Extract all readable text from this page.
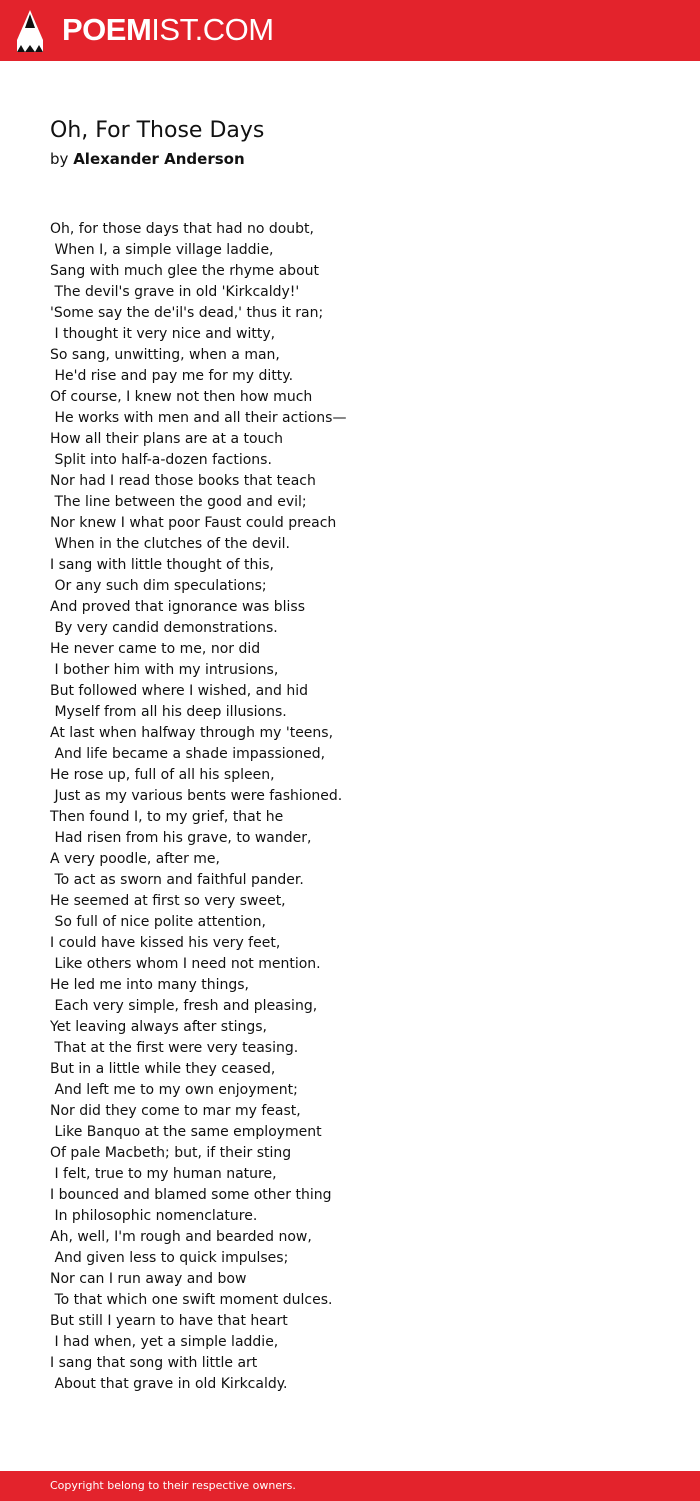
POEMIST.COM
Oh, For Those Days
by Alexander Anderson
Oh, for those days that had no doubt,
When I, a simple village laddie,
Sang with much glee the rhyme about
The devil's grave in old 'Kirkcaldy!'
'Some say the de'il's dead,' thus it ran;
I thought it very nice and witty,
So sang, unwitting, when a man,
He'd rise and pay me for my ditty.
Of course, I knew not then how much
He works with men and all their actions—
How all their plans are at a touch
Split into half-a-dozen factions.
Nor had I read those books that teach
The line between the good and evil;
Nor knew I what poor Faust could preach
When in the clutches of the devil.
I sang with little thought of this,
Or any such dim speculations;
And proved that ignorance was bliss
By very candid demonstrations.
He never came to me, nor did
I bother him with my intrusions,
But followed where I wished, and hid
Myself from all his deep illusions.
At last when halfway through my 'teens,
And life became a shade impassioned,
He rose up, full of all his spleen,
Just as my various bents were fashioned.
Then found I, to my grief, that he
Had risen from his grave, to wander,
A very poodle, after me,
To act as sworn and faithful pander.
He seemed at first so very sweet,
So full of nice polite attention,
I could have kissed his very feet,
Like others whom I need not mention.
He led me into many things,
Each very simple, fresh and pleasing,
Yet leaving always after stings,
That at the first were very teasing.
But in a little while they ceased,
And left me to my own enjoyment;
Nor did they come to mar my feast,
Like Banquo at the same employment
Of pale Macbeth; but, if their sting
I felt, true to my human nature,
I bounced and blamed some other thing
In philosophic nomenclature.
Ah, well, I'm rough and bearded now,
And given less to quick impulses;
Nor can I run away and bow
To that which one swift moment dulces.
But still I yearn to have that heart
I had when, yet a simple laddie,
I sang that song with little art
About that grave in old Kirkcaldy.
Copyright belong to their respective owners.
